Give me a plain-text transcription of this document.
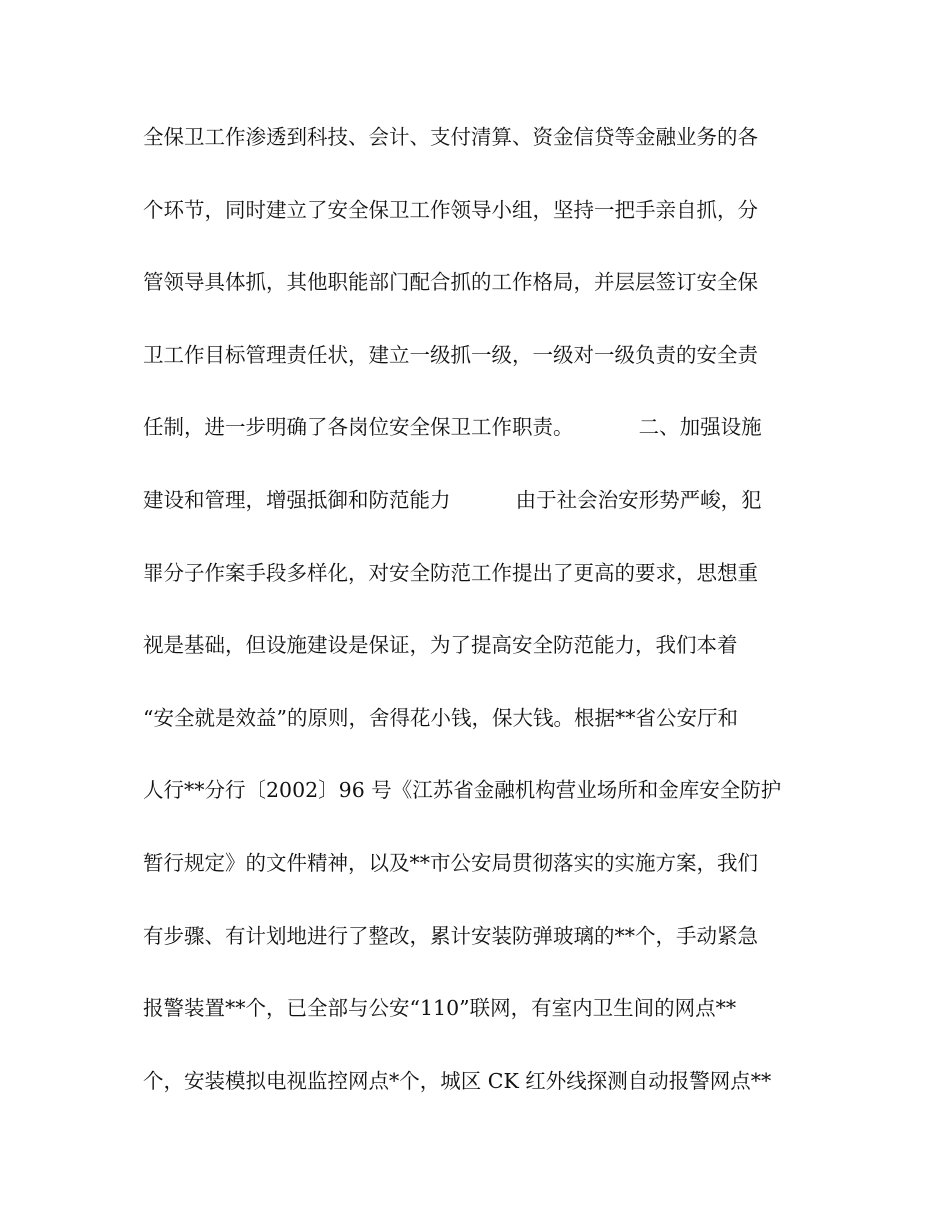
全保卫工作渗透到科技、会计、支付清算、资金信贷等金融业务的各
个环节，同时建立了安全保卫工作领导小组，坚持一把手亲自抓，分
管领导具体抓，其他职能部门配合抓的工作格局，并层层签订安全保
卫工作目标管理责任状，建立一级抓一级，一级对一级负责的安全责
任制，进一步明确了各岗位安全保卫工作职责。          二、加强设施
建设和管理，增强抵御和防范能力          由于社会治安形势严峻，犯
罪分子作案手段多样化，对安全防范工作提出了更高的要求，思想重
视是基础，但设施建设是保证，为了提高安全防范能力，我们本着
“安全就是效益”的原则，舍得花小钱，保大钱。根据**省公安厅和
人行**分行〔2002〕96 号《江苏省金融机构营业场所和金库安全防护
暂行规定》的文件精神，以及**市公安局贯彻落实的实施方案，我们
有步骤、有计划地进行了整改，累计安装防弹玻璃的**个，手动紧急
报警装置**个，已全部与公安“110”联网，有室内卫生间的网点**
个，安装模拟电视监控网点*个，城区 CK 红外线探测自动报警网点**
